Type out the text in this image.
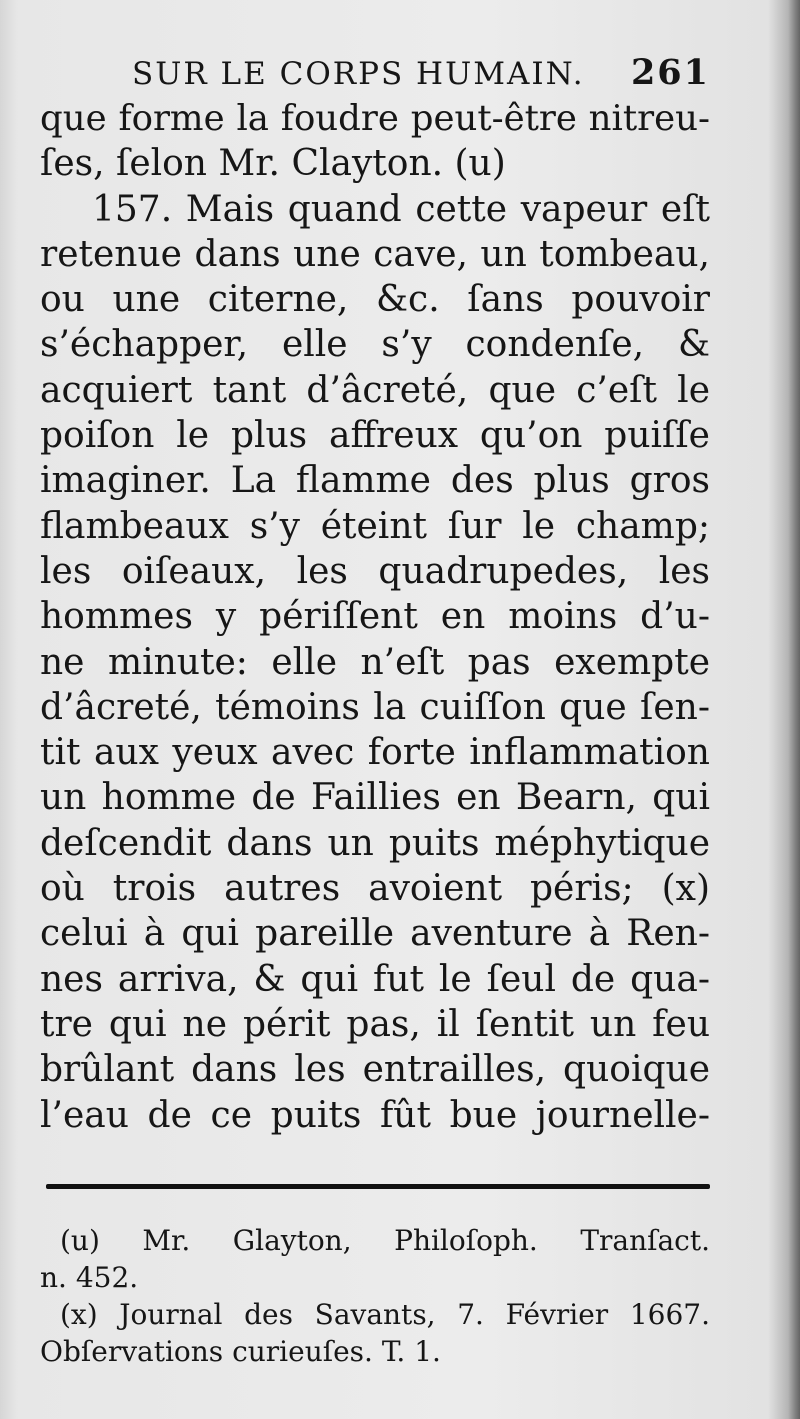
SUR LE CORPS HUMAIN. 261
que forme la foudre peut-être nitreu-
ſes, ſelon Mr. Clayton. (u)
157. Mais quand cette vapeur eſt
retenue dans une cave, un tombeau,
ou une citerne, &c. ſans pouvoir
s’échapper, elle s’y condenſe, &
acquiert tant d’âcreté, que c’eſt le
poiſon le plus affreux qu’on puiſſe
imaginer. La flamme des plus gros
flambeaux s’y éteint ſur le champ;
les oiſeaux, les quadrupedes, les
hommes y périſſent en moins d’u-
ne minute: elle n’eſt pas exempte
d’âcreté, témoins la cuiſſon que ſen-
tit aux yeux avec forte inflammation
un homme de Faillies en Bearn, qui
deſcendit dans un puits méphytique
où trois autres avoient péris; (x)
celui à qui pareille aventure à Ren-
nes arriva, & qui fut le ſeul de qua-
tre qui ne périt pas, il ſentit un feu
brûlant dans les entrailles, quoique
l’eau de ce puits fût bue journelle-
(u) Mr. Glayton, Philoſoph. Tranſact.
n. 452.
(x) Journal des Savants, 7. Février 1667.
Obſervations curieuſes. T. 1.
